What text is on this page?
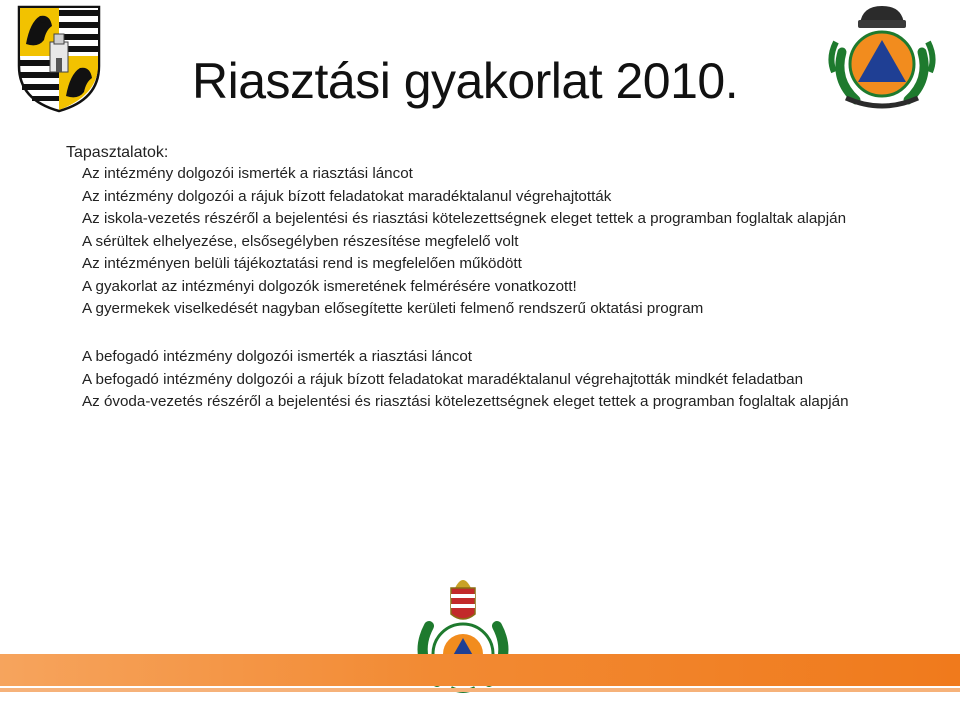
Riasztási gyakorlat 2010.
Tapasztalatok:
Az intézmény dolgozói ismerték a riasztási láncot
Az intézmény dolgozói a rájuk bízott feladatokat maradéktalanul végrehajtották
Az iskola-vezetés részéről a bejelentési és riasztási kötelezettségnek eleget tettek a programban foglaltak alapján
A sérültek elhelyezése, elsősegélyben részesítése megfelelő volt
Az intézményen belüli tájékoztatási rend is megfelelően működött
A gyakorlat az intézményi dolgozók ismeretének felmérésére vonatkozott!
A gyermekek viselkedését nagyban elősegítette kerületi felmenő rendszerű oktatási program
A befogadó intézmény dolgozói ismerték a riasztási láncot
A befogadó intézmény dolgozói a rájuk bízott feladatokat maradéktalanul végrehajtották mindkét feladatban
Az óvoda-vezetés részéről a bejelentési és riasztási kötelezettségnek eleget tettek a programban foglaltak alapján
